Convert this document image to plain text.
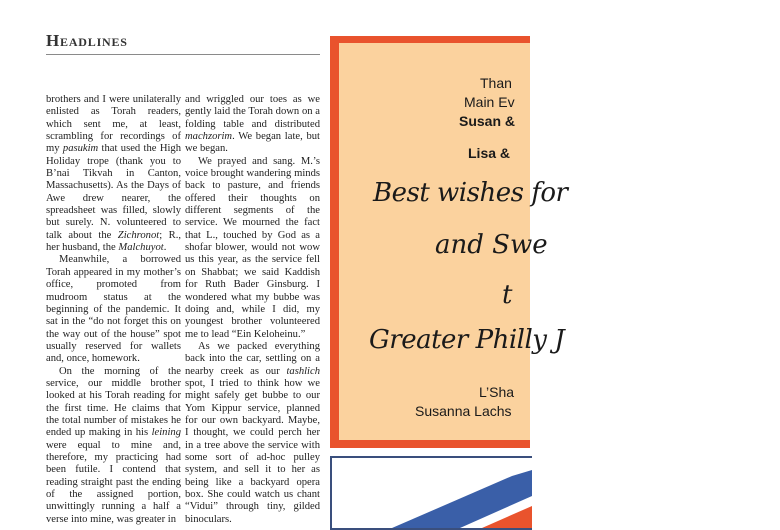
Headlines

brothers and I were unilaterally enlisted as Torah readers, which sent me, at least, scrambling for recordings of my pasukim that used the High Holiday trope (thank you to B’nai Tikvah in Canton, Massachusetts). As the Days of Awe drew nearer, the spreadsheet was filled, slowly but surely. N. volunteered to talk about the Zichronot; R., her husband, the Malchuyot.

Meanwhile, a borrowed Torah appeared in my mother’s office, promoted from mudroom status at the beginning of the pandemic. It sat in the “do not forget this on the way out of the house” spot usually reserved for wallets and, once, homework.

On the morning of the service, our middle brother looked at his Torah reading for the first time. He claims that the total number of mistakes he ended up making in his leining were equal to mine and, therefore, my practicing had been futile. I contend that reading straight past the ending of the assigned portion, unwittingly running a half a verse into mine, was greater in

and wriggled our toes as we gently laid the Torah down on a folding table and distributed machzorim. We began late, but we began.

We prayed and sang. M.’s voice brought wandering minds back to pasture, and friends offered their thoughts on different segments of the service. We mourned the fact that L., touched by God as a shofar blower, would not wow us this year, as the service fell on Shabbat; we said Kaddish for Ruth Bader Ginsburg. I wondered what my bubbe was doing and, while I did, my youngest brother volunteered me to lead “Ein Keloheinu.”

As we packed everything back into the car, settling on a nearby creek as our tashlich spot, I tried to think how we might safely get bubbe to our Yom Kippur service, planned for our own backyard. Maybe, I thought, we could perch her in a tree above the service with some sort of ad-hoc pulley system, and sell it to her as being like a backyard opera box. She could watch us chant “Vidui” through tiny, gilded binoculars.

Than
Main Ev
Susan &
Lisa &
Best wishes for
and Swe
t
Greater Philly J
L’Sha
Susanna Lachs
